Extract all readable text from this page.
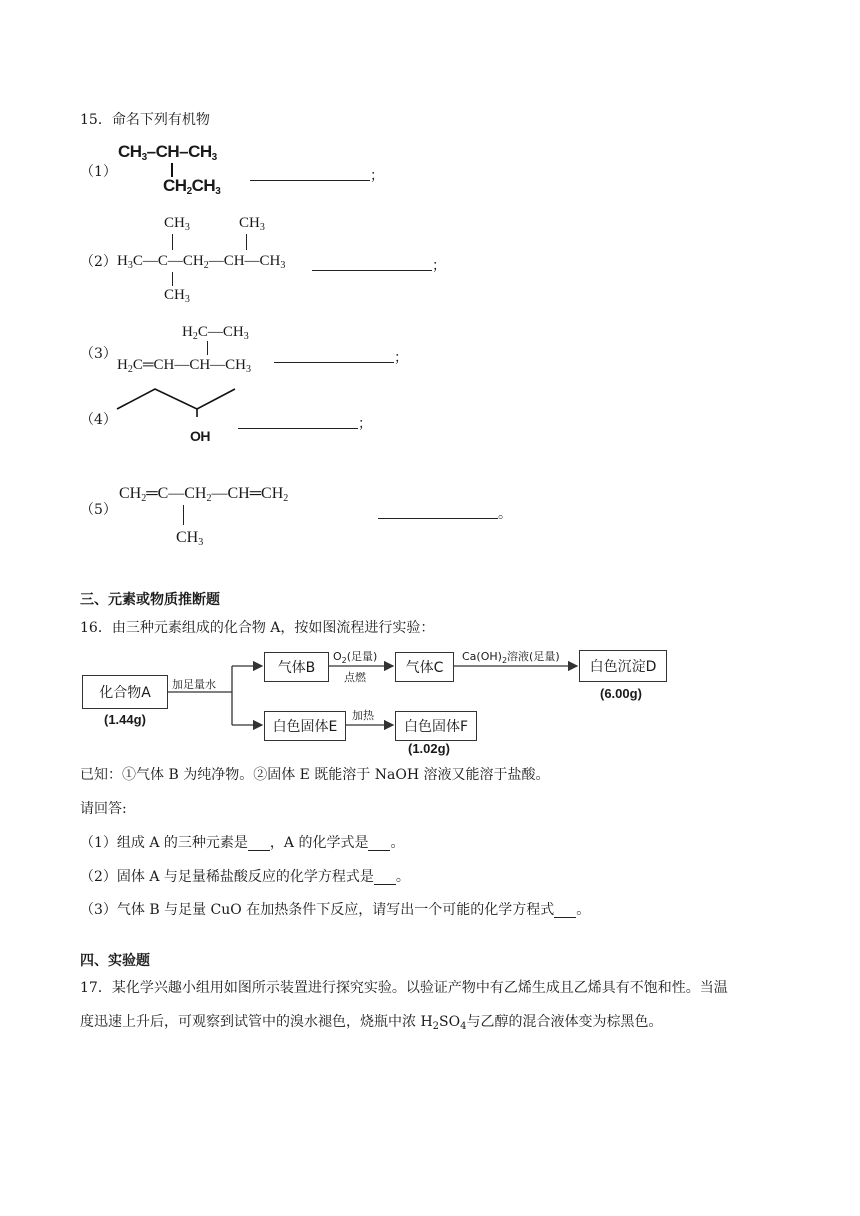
15．命名下列有机物
（1）
$CH_3-CH-CH_3$
$CH_2CH_3$
；
（2）
$CH_3$	$CH_3$
$H_3C—C—CH_2—CH—CH_3$
$CH_3$
；
（3）
$H_2C—CH_3$
$H_2C═CH—CH—CH_3$
；
（4）
OH
；
（5）
$CH_2═C—CH_2—CH═CH_2$
$CH_3$
。
三、元素或物质推断题
16．由三种元素组成的化合物 A，按如图流程进行实验：
化合物A
(1.44g)
加足量水
气体B
$O_2$(足量)
点燃
气体C
$Ca(OH)_2$溶液(足量)
白色沉淀D
(6.00g)
白色固体E
加热
白色固体F
(1.02g)
已知：①气体 B 为纯净物。②固体 E 既能溶于 NaOH 溶液又能溶于盐酸。
请回答:
（1）组成 A 的三种元素是 ，A 的化学式是 。
（2）固体 A 与足量稀盐酸反应的化学方程式是 。
（3）气体 B 与足量 CuO 在加热条件下反应，请写出一个可能的化学方程式 。
四、实验题
17．某化学兴趣小组用如图所示装置进行探究实验。以验证产物中有乙烯生成且乙烯具有不饱和性。当温
度迅速上升后，可观察到试管中的溴水褪色，烧瓶中浓 $H_2SO_4$与乙醇的混合液体变为棕黑色。
